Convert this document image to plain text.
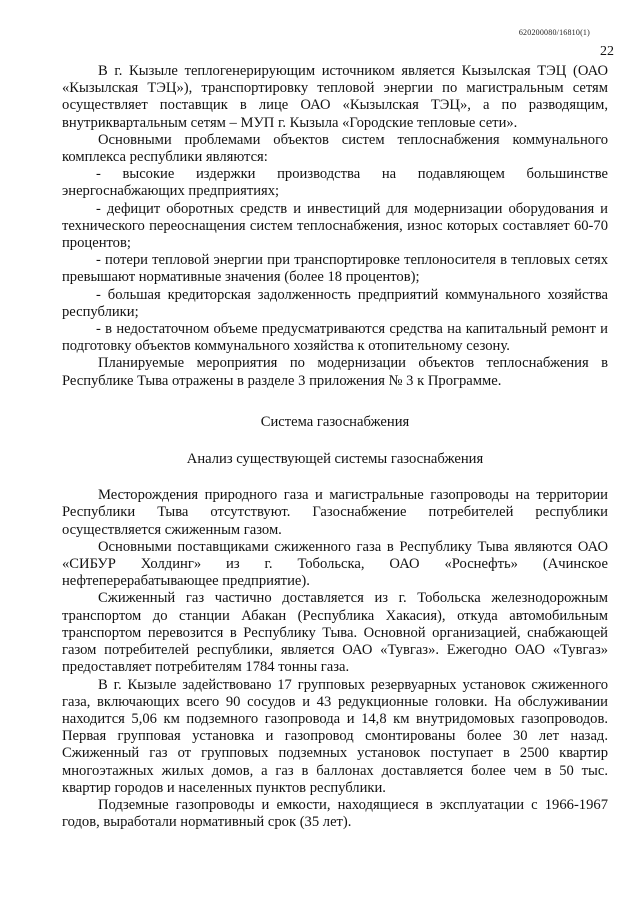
620200080/16810(1)
22

В г. Кызыле теплогенерирующим источником является Кызылская ТЭЦ (ОАО «Кызылская ТЭЦ»), транспортировку тепловой энергии по магистральным сетям осуществляет поставщик в лице ОАО «Кызылская ТЭЦ», а по разводящим, внутриквартальным сетям – МУП г. Кызыла «Городские тепловые сети».

Основными проблемами объектов систем теплоснабжения коммунального комплекса республики являются:

- высокие издержки производства на подавляющем большинстве энергоснабжающих предприятиях;

- дефицит оборотных средств и инвестиций для модернизации оборудования и технического переоснащения систем теплоснабжения, износ которых составляет 60-70 процентов;

- потери тепловой энергии при транспортировке теплоносителя в тепловых сетях превышают нормативные значения (более 18 процентов);

- большая кредиторская задолженность предприятий коммунального хозяйства республики;

- в недостаточном объеме предусматриваются средства на капитальный ремонт и подготовку объектов коммунального хозяйства к отопительному сезону.

Планируемые мероприятия по модернизации объектов теплоснабжения в Республике Тыва отражены в разделе 3 приложения № 3 к Программе.

Система газоснабжения

Анализ существующей системы газоснабжения

Месторождения природного газа и магистральные газопроводы на территории Республики Тыва отсутствуют. Газоснабжение потребителей республики осуществляется сжиженным газом.

Основными поставщиками сжиженного газа в Республику Тыва являются ОАО «СИБУР Холдинг» из г. Тобольска, ОАО «Роснефть» (Ачинское нефтеперерабатывающее предприятие).

Сжиженный газ частично доставляется из г. Тобольска железнодорожным транспортом до станции Абакан (Республика Хакасия), откуда автомобильным транспортом перевозится в Республику Тыва. Основной организацией, снабжающей газом потребителей республики, является ОАО «Тувгаз». Ежегодно ОАО «Тувгаз» предоставляет потребителям 1784 тонны газа.

В г. Кызыле задействовано 17 групповых резервуарных установок сжиженного газа, включающих всего 90 сосудов и 43 редукционные головки. На обслуживании находится 5,06 км подземного газопровода и 14,8 км внутридомовых газопроводов. Первая групповая установка и газопровод смонтированы более 30 лет назад. Сжиженный газ от групповых подземных установок поступает в 2500 квартир многоэтажных жилых домов, а газ в баллонах доставляется более чем в 50 тыс. квартир городов и населенных пунктов республики.

Подземные газопроводы и емкости, находящиеся в эксплуатации с 1966-1967 годов, выработали нормативный срок (35 лет).
